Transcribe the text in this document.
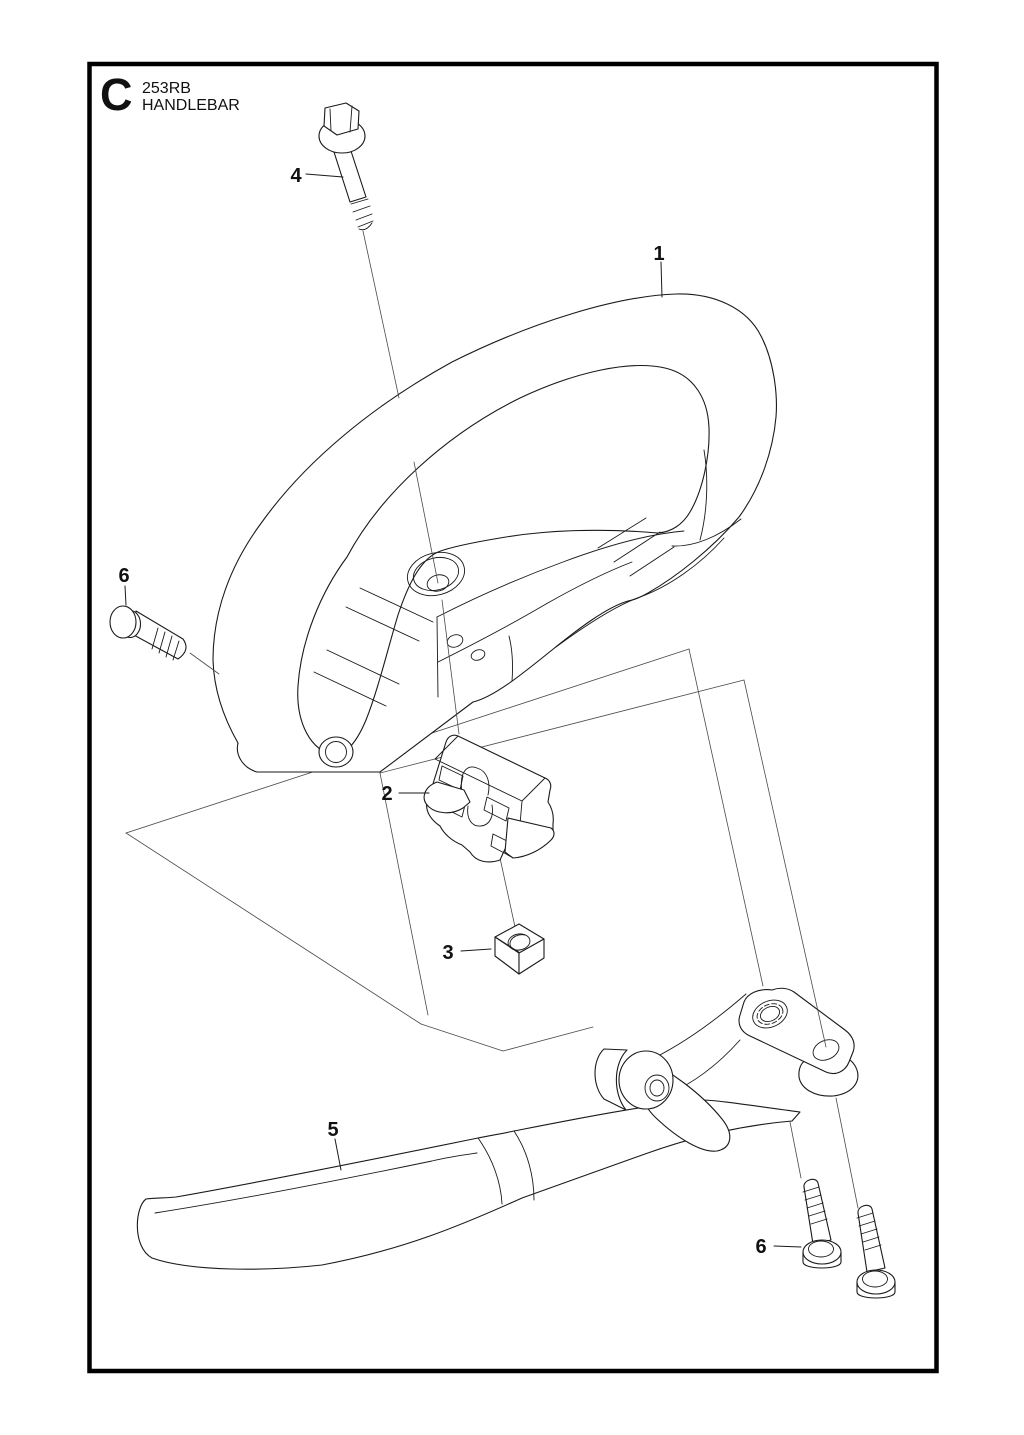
C 253RB
HANDLEBAR
1
2
3
4
5
6
6
